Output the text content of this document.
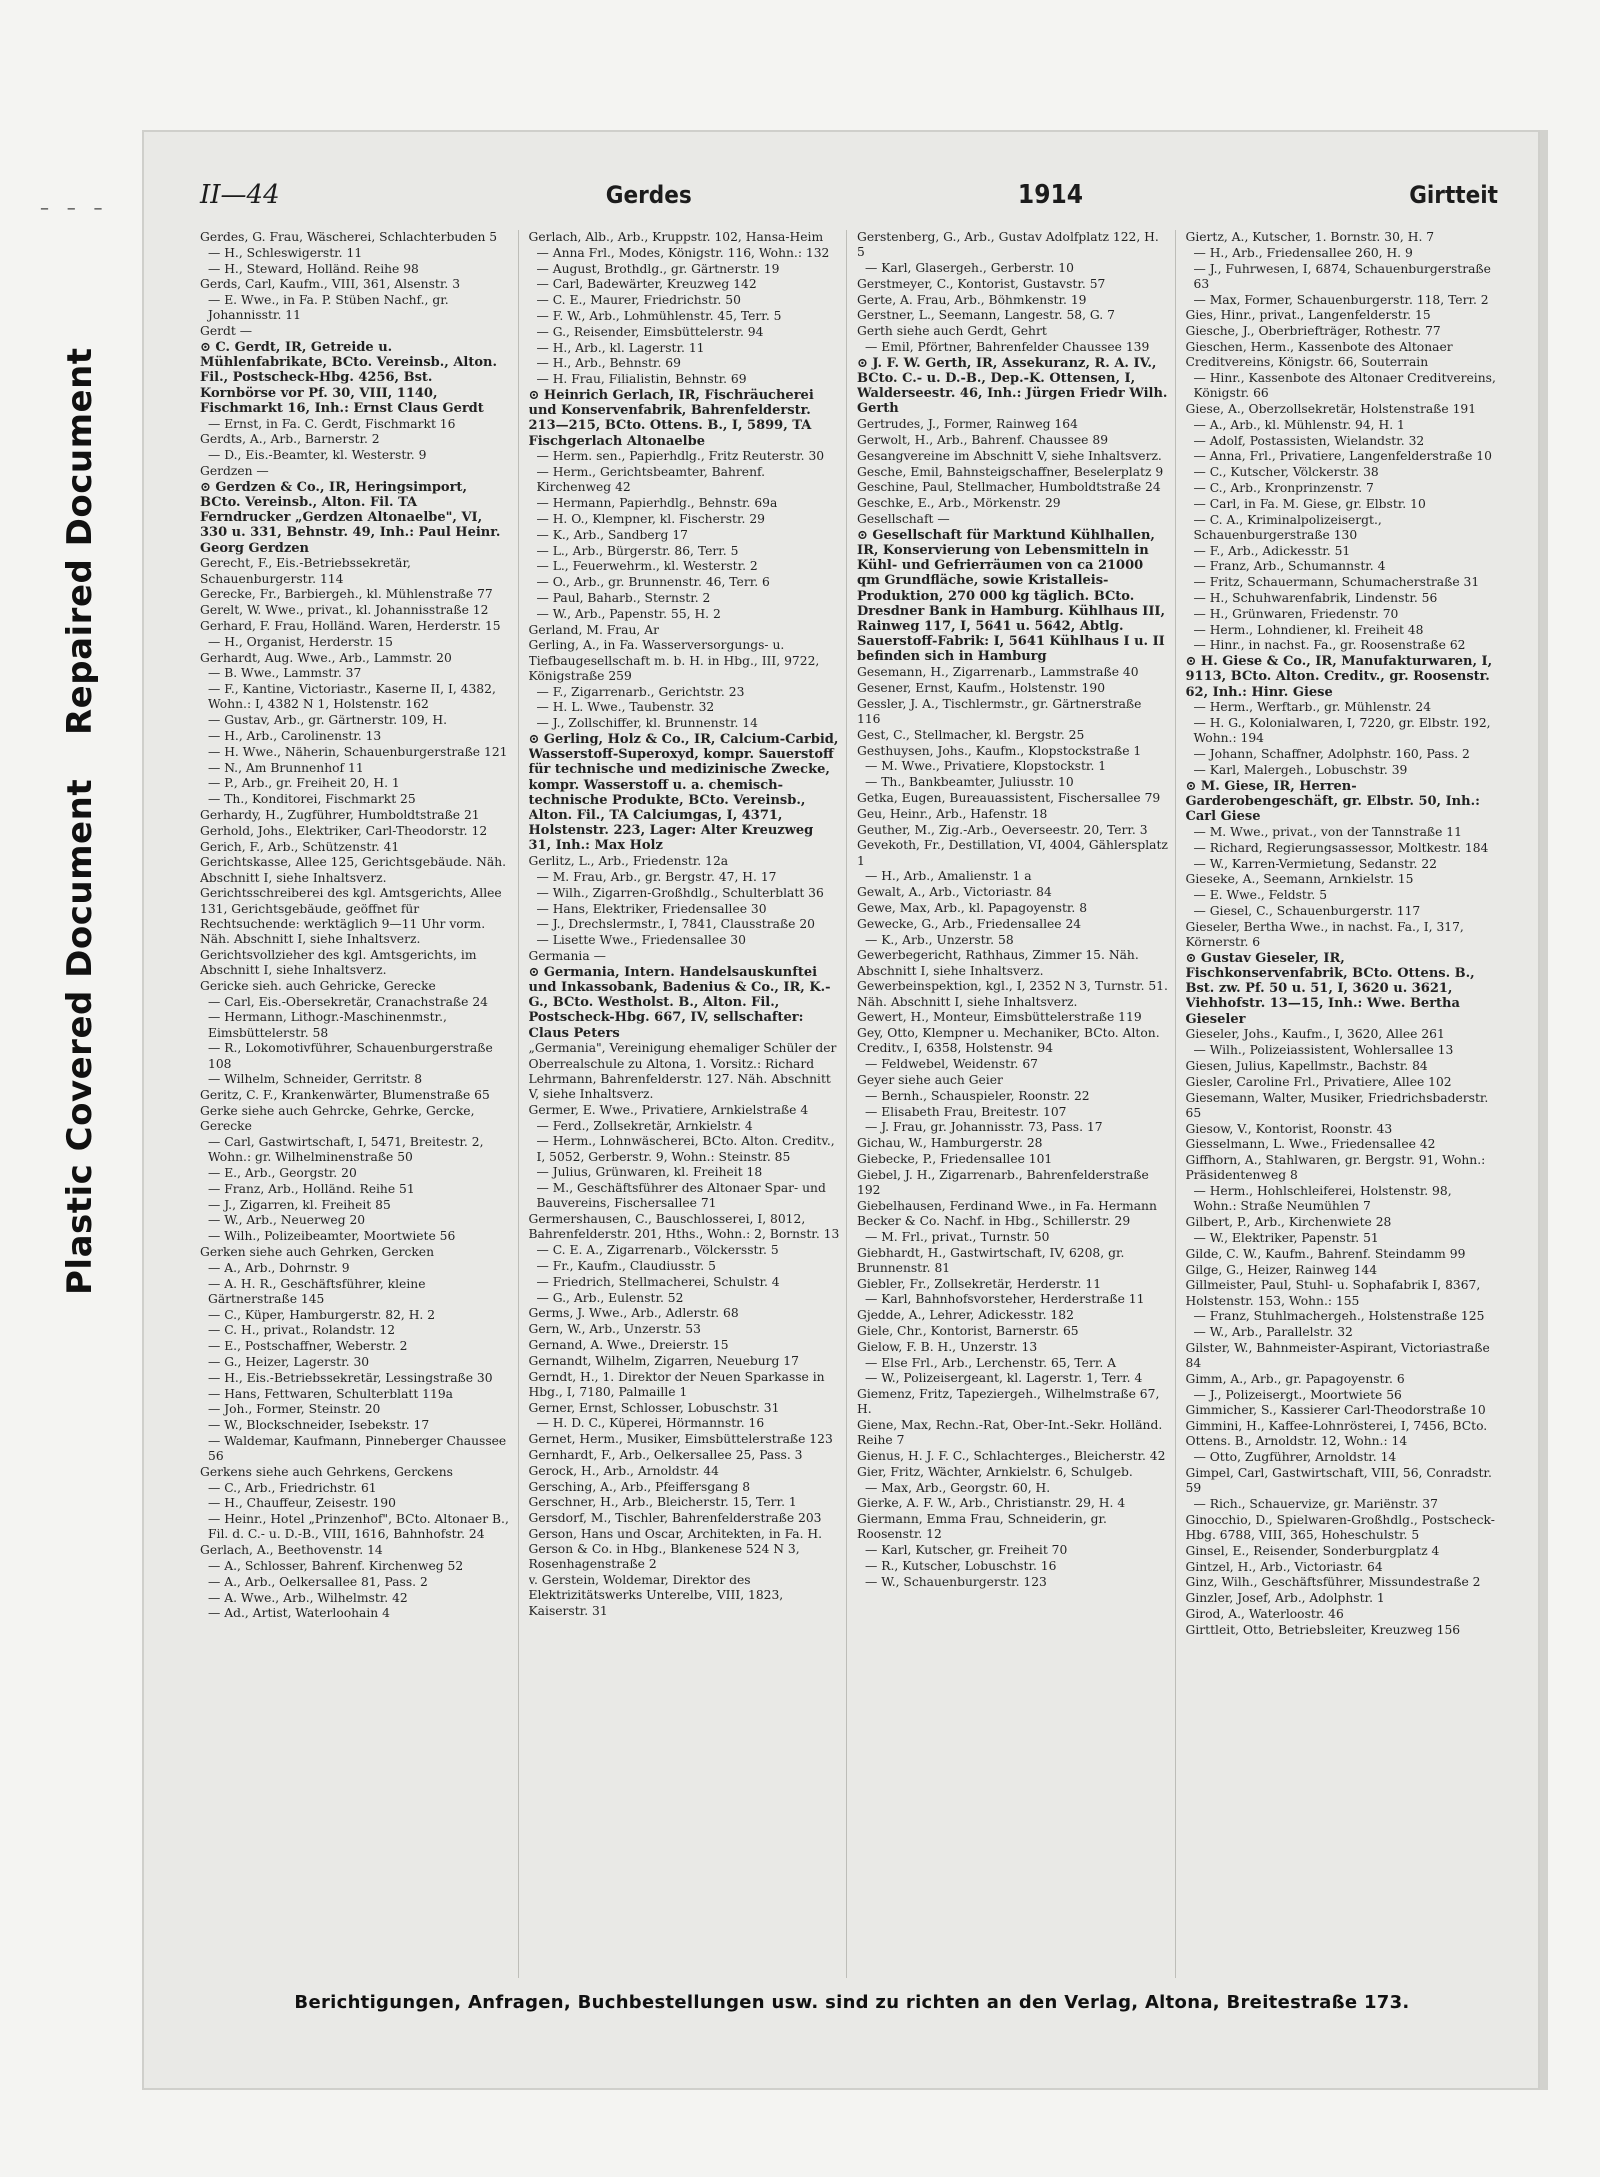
– – –
Repaired Document
Plastic Covered Document
II—44	Gerdes	1914	Girtteit
Gerdes, G. Frau, Wäscherei, Schlachterbuden 5
— H., Schleswigerstr. 11
— H., Steward, Holländ. Reihe 98
Gerds, Carl, Kaufm., VIII, 361, Alsenstr. 3
— E. Wwe., in Fa. P. Stüben Nachf., gr. Johannisstr. 11
Gerdt —
⊙ C. Gerdt, IR, Getreide u. Mühlenfabrikate, BCto. Vereinsb., Alton. Fil., Postscheck-Hbg. 4256, Bst. Kornbörse vor Pf. 30, VIII, 1140, Fischmarkt 16, Inh.: Ernst Claus Gerdt
— Ernst, in Fa. C. Gerdt, Fischmarkt 16
Gerdts, A., Arb., Barnerstr. 2
— D., Eis.-Beamter, kl. Westerstr. 9
Gerdzen —
⊙ Gerdzen & Co., IR, Heringsimport, BCto. Vereinsb., Alton. Fil. TA Ferndrucker „Gerdzen Altonaelbe", VI, 330 u. 331, Behnstr. 49, Inh.: Paul Heinr. Georg Gerdzen
Gerecht, F., Eis.-Betriebssekretär, Schauenburgerstr. 114
Gerecke, Fr., Barbiergeh., kl. Mühlenstraße 77
Gerelt, W. Wwe., privat., kl. Johannisstraße 12
Gerhard, F. Frau, Holländ. Waren, Herderstr. 15
— H., Organist, Herderstr. 15
Gerhardt, Aug. Wwe., Arb., Lammstr. 20
— B. Wwe., Lammstr. 37
— F., Kantine, Victoriastr., Kaserne II, I, 4382, Wohn.: I, 4382 N 1, Holstenstr. 162
— Gustav, Arb., gr. Gärtnerstr. 109, H.
— H., Arb., Carolinenstr. 13
— H. Wwe., Näherin, Schauenburgerstraße 121
— N., Am Brunnenhof 11
— P., Arb., gr. Freiheit 20, H. 1
— Th., Konditorei, Fischmarkt 25
Gerhardy, H., Zugführer, Humboldtstraße 21
Gerhold, Johs., Elektriker, Carl-Theodorstr. 12
Gerich, F., Arb., Schützenstr. 41
Gerichtskasse, Allee 125, Gerichtsgebäude. Näh. Abschnitt I, siehe Inhaltsverz.
Gerichtsschreiberei des kgl. Amtsgerichts, Allee 131, Gerichtsgebäude, geöffnet für Rechtsuchende: werktäglich 9—11 Uhr vorm. Näh. Abschnitt I, siehe Inhaltsverz.
Gerichtsvollzieher des kgl. Amtsgerichts, im Abschnitt I, siehe Inhaltsverz.
Gericke sieh. auch Gehricke, Gerecke
— Carl, Eis.-Obersekretär, Cranachstraße 24
— Hermann, Lithogr.-Maschinenmstr., Eimsbüttelerstr. 58
— R., Lokomotivführer, Schauenburgerstraße 108
— Wilhelm, Schneider, Gerritstr. 8
Geritz, C. F., Krankenwärter, Blumenstraße 65
Gerke siehe auch Gehrcke, Gehrke, Gercke, Gerecke
— Carl, Gastwirtschaft, I, 5471, Breitestr. 2, Wohn.: gr. Wilhelminenstraße 50
— E., Arb., Georgstr. 20
— Franz, Arb., Holländ. Reihe 51
— J., Zigarren, kl. Freiheit 85
— W., Arb., Neuerweg 20
— Wilh., Polizeibeamter, Moortwiete 56
Gerken siehe auch Gehrken, Gercken
— A., Arb., Dohrnstr. 9
— A. H. R., Geschäftsführer, kleine Gärtnerstraße 145
— C., Küper, Hamburgerstr. 82, H. 2
— C. H., privat., Rolandstr. 12
— E., Postschaffner, Weberstr. 2
— G., Heizer, Lagerstr. 30
— H., Eis.-Betriebssekretär, Lessingstraße 30
— Hans, Fettwaren, Schulterblatt 119a
— Joh., Former, Steinstr. 20
— W., Blockschneider, Isebekstr. 17
— Waldemar, Kaufmann, Pinneberger Chaussee 56
Gerkens siehe auch Gehrkens, Gerckens
— C., Arb., Friedrichstr. 61
— H., Chauffeur, Zeisestr. 190
— Heinr., Hotel „Prinzenhof", BCto. Altonaer B., Fil. d. C.- u. D.-B., VIII, 1616, Bahnhofstr. 24
Gerlach, A., Beethovenstr. 14
— A., Schlosser, Bahrenf. Kirchenweg 52
— A., Arb., Oelkersallee 81, Pass. 2
— A. Wwe., Arb., Wilhelmstr. 42
— Ad., Artist, Waterloohain 4
Gerlach, Alb., Arb., Kruppstr. 102, Hansa-Heim
— Anna Frl., Modes, Königstr. 116, Wohn.: 132
— August, Brothdlg., gr. Gärtnerstr. 19
— Carl, Badewärter, Kreuzweg 142
— C. E., Maurer, Friedrichstr. 50
— F. W., Arb., Lohmühlenstr. 45, Terr. 5
— G., Reisender, Eimsbüttelerstr. 94
— H., Arb., kl. Lagerstr. 11
— H., Arb., Behnstr. 69
— H. Frau, Filialistin, Behnstr. 69
⊙ Heinrich Gerlach, IR, Fischräucherei und Konservenfabrik, Bahrenfelderstr. 213—215, BCto. Ottens. B., I, 5899, TA Fischgerlach Altonaelbe
— Herm. sen., Papierhdlg., Fritz Reuterstr. 30
— Herm., Gerichtsbeamter, Bahrenf. Kirchenweg 42
— Hermann, Papierhdlg., Behnstr. 69a
— H. O., Klempner, kl. Fischerstr. 29
— K., Arb., Sandberg 17
— L., Arb., Bürgerstr. 86, Terr. 5
— L., Feuerwehrm., kl. Westerstr. 2
— O., Arb., gr. Brunnenstr. 46, Terr. 6
— Paul, Baharb., Sternstr. 2
— W., Arb., Papenstr. 55, H. 2
Gerland, M. Frau, Ar
Gerling, A., in Fa. Wasserversorgungs- u. Tiefbaugesellschaft m. b. H. in Hbg., III, 9722, Königstraße 259
— F., Zigarrenarb., Gerichtstr. 23
— H. L. Wwe., Taubenstr. 32
— J., Zollschiffer, kl. Brunnenstr. 14
⊙ Gerling, Holz & Co., IR, Calcium-Carbid, Wasserstoff-Superoxyd, kompr. Sauerstoff für technische und medizinische Zwecke, kompr. Wasserstoff u. a. chemisch-technische Produkte, BCto. Vereinsb., Alton. Fil., TA Calciumgas, I, 4371, Holstenstr. 223, Lager: Alter Kreuzweg 31, Inh.: Max Holz
Gerlitz, L., Arb., Friedenstr. 12a
— M. Frau, Arb., gr. Bergstr. 47, H. 17
— Wilh., Zigarren-Großhdlg., Schulterblatt 36
— Hans, Elektriker, Friedensallee 30
— J., Drechslermstr., I, 7841, Clausstraße 20
— Lisette Wwe., Friedensallee 30
Germania —
⊙ Germania, Intern. Handelsauskunftei und Inkassobank, Badenius & Co., IR, K.-G., BCto. Westholst. B., Alton. Fil., Postscheck-Hbg. 667, IV, sellschafter: Claus Peters
„Germania", Vereinigung ehemaliger Schüler der Oberrealschule zu Altona, 1. Vorsitz.: Richard Lehrmann, Bahrenfelderstr. 127. Näh. Abschnitt V, siehe Inhaltsverz.
Germer, E. Wwe., Privatiere, Arnkielstraße 4
— Ferd., Zollsekretär, Arnkielstr. 4
— Herm., Lohnwäscherei, BCto. Alton. Creditv., I, 5052, Gerberstr. 9, Wohn.: Steinstr. 85
— Julius, Grünwaren, kl. Freiheit 18
— M., Geschäftsführer des Altonaer Spar- und Bauvereins, Fischersallee 71
Germershausen, C., Bauschlosserei, I, 8012, Bahrenfelderstr. 201, Hths., Wohn.: 2, Bornstr. 13
— C. E. A., Zigarrenarb., Völckersstr. 5
— Fr., Kaufm., Claudiusstr. 5
— Friedrich, Stellmacherei, Schulstr. 4
— G., Arb., Eulenstr. 52
Germs, J. Wwe., Arb., Adlerstr. 68
Gern, W., Arb., Unzerstr. 53
Gernand, A. Wwe., Dreierstr. 15
Gernandt, Wilhelm, Zigarren, Neueburg 17
Gerndt, H., 1. Direktor der Neuen Sparkasse in Hbg., I, 7180, Palmaille 1
Gerner, Ernst, Schlosser, Lobuschstr. 31
— H. D. C., Küperei, Hörmannstr. 16
Gernet, Herm., Musiker, Eimsbüttelerstraße 123
Gernhardt, F., Arb., Oelkersallee 25, Pass. 3
Gerock, H., Arb., Arnoldstr. 44
Gersching, A., Arb., Pfeiffersgang 8
Gerschner, H., Arb., Bleicherstr. 15, Terr. 1
Gersdorf, M., Tischler, Bahrenfelderstraße 203
Gerson, Hans und Oscar, Architekten, in Fa. H. Gerson & Co. in Hbg., Blankenese 524 N 3, Rosenhagenstraße 2
v. Gerstein, Woldemar, Direktor des Elektrizitätswerks Unterelbe, VIII, 1823, Kaiserstr. 31
Gerstenberg, G., Arb., Gustav Adolfplatz 122, H. 5
— Karl, Glasergeh., Gerberstr. 10
Gerstmeyer, C., Kontorist, Gustavstr. 57
Gerte, A. Frau, Arb., Böhmkenstr. 19
Gerstner, L., Seemann, Langestr. 58, G. 7
Gerth siehe auch Gerdt, Gehrt
— Emil, Pförtner, Bahrenfelder Chaussee 139
⊙ J. F. W. Gerth, IR, Assekuranz, R. A. IV., BCto. C.- u. D.-B., Dep.-K. Ottensen, I, Walderseestr. 46, Inh.: Jürgen Friedr Wilh. Gerth
Gertrudes, J., Former, Rainweg 164
Gerwolt, H., Arb., Bahrenf. Chaussee 89
Gesangvereine im Abschnitt V, siehe Inhaltsverz.
Gesche, Emil, Bahnsteigschaffner, Beselerplatz 9
Geschine, Paul, Stellmacher, Humboldtstraße 24
Geschke, E., Arb., Mörkenstr. 29
Gesellschaft —
⊙ Gesellschaft für Marktund Kühlhallen, IR, Konservierung von Lebensmitteln in Kühl- und Gefrierräumen von ca 21000 qm Grundfläche, sowie Kristalleis-Produktion, 270 000 kg täglich. BCto. Dresdner Bank in Hamburg. Kühlhaus III, Rainweg 117, I, 5641 u. 5642, Abtlg. Sauerstoff-Fabrik: I, 5641 Kühlhaus I u. II befinden sich in Hamburg
Gesemann, H., Zigarrenarb., Lammstraße 40
Gesener, Ernst, Kaufm., Holstenstr. 190
Gessler, J. A., Tischlermstr., gr. Gärtnerstraße 116
Gest, C., Stellmacher, kl. Bergstr. 25
Gesthuysen, Johs., Kaufm., Klopstockstraße 1
— M. Wwe., Privatiere, Klopstockstr. 1
— Th., Bankbeamter, Juliusstr. 10
Getka, Eugen, Bureauassistent, Fischersallee 79
Geu, Heinr., Arb., Hafenstr. 18
Geuther, M., Zig.-Arb., Oeverseestr. 20, Terr. 3
Gevekoth, Fr., Destillation, VI, 4004, Gählersplatz 1
— H., Arb., Amalienstr. 1 a
Gewalt, A., Arb., Victoriastr. 84
Gewe, Max, Arb., kl. Papagoyenstr. 8
Gewecke, G., Arb., Friedensallee 24
— K., Arb., Unzerstr. 58
Gewerbegericht, Rathhaus, Zimmer 15. Näh. Abschnitt I, siehe Inhaltsverz.
Gewerbeinspektion, kgl., I, 2352 N 3, Turnstr. 51. Näh. Abschnitt I, siehe Inhaltsverz.
Gewert, H., Monteur, Eimsbüttelerstraße 119
Gey, Otto, Klempner u. Mechaniker, BCto. Alton. Creditv., I, 6358, Holstenstr. 94
— Feldwebel, Weidenstr. 67
Geyer siehe auch Geier
— Bernh., Schauspieler, Roonstr. 22
— Elisabeth Frau, Breitestr. 107
— J. Frau, gr. Johannisstr. 73, Pass. 17
Gichau, W., Hamburgerstr. 28
Giebecke, P., Friedensallee 101
Giebel, J. H., Zigarrenarb., Bahrenfelderstraße 192
Giebelhausen, Ferdinand Wwe., in Fa. Hermann Becker & Co. Nachf. in Hbg., Schillerstr. 29
— M. Frl., privat., Turnstr. 50
Giebhardt, H., Gastwirtschaft, IV, 6208, gr. Brunnenstr. 81
Giebler, Fr., Zollsekretär, Herderstr. 11
— Karl, Bahnhofsvorsteher, Herderstraße 11
Gjedde, A., Lehrer, Adickesstr. 182
Giele, Chr., Kontorist, Barnerstr. 65
Gielow, F. B. H., Unzerstr. 13
— Else Frl., Arb., Lerchenstr. 65, Terr. A
— W., Polizeisergeant, kl. Lagerstr. 1, Terr. 4
Giemenz, Fritz, Tapeziergeh., Wilhelmstraße 67, H.
Giene, Max, Rechn.-Rat, Ober-Int.-Sekr. Holländ. Reihe 7
Gienus, H. J. F. C., Schlachterges., Bleicherstr. 42
Gier, Fritz, Wächter, Arnkielstr. 6, Schulgeb.
— Max, Arb., Georgstr. 60, H.
Gierke, A. F. W., Arb., Christianstr. 29, H. 4
Giermann, Emma Frau, Schneiderin, gr. Roosenstr. 12
— Karl, Kutscher, gr. Freiheit 70
— R., Kutscher, Lobuschstr. 16
— W., Schauenburgerstr. 123
Giertz, A., Kutscher, 1. Bornstr. 30, H. 7
— H., Arb., Friedensallee 260, H. 9
— J., Fuhrwesen, I, 6874, Schauenburgerstraße 63
— Max, Former, Schauenburgerstr. 118, Terr. 2
Gies, Hinr., privat., Langenfelderstr. 15
Giesche, J., Oberbriefträger, Rothestr. 77
Gieschen, Herm., Kassenbote des Altonaer Creditvereins, Königstr. 66, Souterrain
— Hinr., Kassenbote des Altonaer Creditvereins, Königstr. 66
Giese, A., Oberzollsekretär, Holstenstraße 191
— A., Arb., kl. Mühlenstr. 94, H. 1
— Adolf, Postassisten, Wielandstr. 32
— Anna, Frl., Privatiere, Langenfelderstraße 10
— C., Kutscher, Völckerstr. 38
— C., Arb., Kronprinzenstr. 7
— Carl, in Fa. M. Giese, gr. Elbstr. 10
— C. A., Kriminalpolizeisergt., Schauenburgerstraße 130
— F., Arb., Adickesstr. 51
— Franz, Arb., Schumannstr. 4
— Fritz, Schauermann, Schumacherstraße 31
— H., Schuhwarenfabrik, Lindenstr. 56
— H., Grünwaren, Friedenstr. 70
— Herm., Lohndiener, kl. Freiheit 48
— Hinr., in nachst. Fa., gr. Roosenstraße 62
⊙ H. Giese & Co., IR, Manufakturwaren, I, 9113, BCto. Alton. Creditv., gr. Roosenstr. 62, Inh.: Hinr. Giese
— Herm., Werftarb., gr. Mühlenstr. 24
— H. G., Kolonialwaren, I, 7220, gr. Elbstr. 192, Wohn.: 194
— Johann, Schaffner, Adolphstr. 160, Pass. 2
— Karl, Malergeh., Lobuschstr. 39
⊙ M. Giese, IR, Herren-Garderobengeschäft, gr. Elbstr. 50, Inh.: Carl Giese
— M. Wwe., privat., von der Tannstraße 11
— Richard, Regierungsassessor, Moltkestr. 184
— W., Karren-Vermietung, Sedanstr. 22
Gieseke, A., Seemann, Arnkielstr. 15
— E. Wwe., Feldstr. 5
— Giesel, C., Schauenburgerstr. 117
Gieseler, Bertha Wwe., in nachst. Fa., I, 317, Körnerstr. 6
⊙ Gustav Gieseler, IR, Fischkonservenfabrik, BCto. Ottens. B., Bst. zw. Pf. 50 u. 51, I, 3620 u. 3621, Viehhofstr. 13—15, Inh.: Wwe. Bertha Gieseler
Gieseler, Johs., Kaufm., I, 3620, Allee 261
— Wilh., Polizeiassistent, Wohlersallee 13
Giesen, Julius, Kapellmstr., Bachstr. 84
Giesler, Caroline Frl., Privatiere, Allee 102
Giesemann, Walter, Musiker, Friedrichsbaderstr. 65
Giesow, V., Kontorist, Roonstr. 43
Giesselmann, L. Wwe., Friedensallee 42
Giffhorn, A., Stahlwaren, gr. Bergstr. 91, Wohn.: Präsidentenweg 8
— Herm., Hohlschleiferei, Holstenstr. 98, Wohn.: Straße Neumühlen 7
Gilbert, P., Arb., Kirchenwiete 28
— W., Elektriker, Papenstr. 51
Gilde, C. W., Kaufm., Bahrenf. Steindamm 99
Gilge, G., Heizer, Rainweg 144
Gillmeister, Paul, Stuhl- u. Sophafabrik I, 8367, Holstenstr. 153, Wohn.: 155
— Franz, Stuhlmachergeh., Holstenstraße 125
— W., Arb., Parallelstr. 32
Gilster, W., Bahnmeister-Aspirant, Victoriastraße 84
Gimm, A., Arb., gr. Papagoyenstr. 6
— J., Polizeisergt., Moortwiete 56
Gimmicher, S., Kassierer Carl-Theodorstraße 10
Gimmini, H., Kaffee-Lohnrösterei, I, 7456, BCto. Ottens. B., Arnoldstr. 12, Wohn.: 14
— Otto, Zugführer, Arnoldstr. 14
Gimpel, Carl, Gastwirtschaft, VIII, 56, Conradstr. 59
— Rich., Schauervize, gr. Mariënstr. 37
Ginocchio, D., Spielwaren-Großhdlg., Postscheck-Hbg. 6788, VIII, 365, Hoheschulstr. 5
Ginsel, E., Reisender, Sonderburgplatz 4
Gintzel, H., Arb., Victoriastr. 64
Ginz, Wilh., Geschäftsführer, Missundestraße 2
Ginzler, Josef, Arb., Adolphstr. 1
Girod, A., Waterloostr. 46
Girttleit, Otto, Betriebsleiter, Kreuzweg 156
Berichtigungen, Anfragen, Buchbestellungen usw. sind zu richten an den Verlag, Altona, Breitestraße 173.
